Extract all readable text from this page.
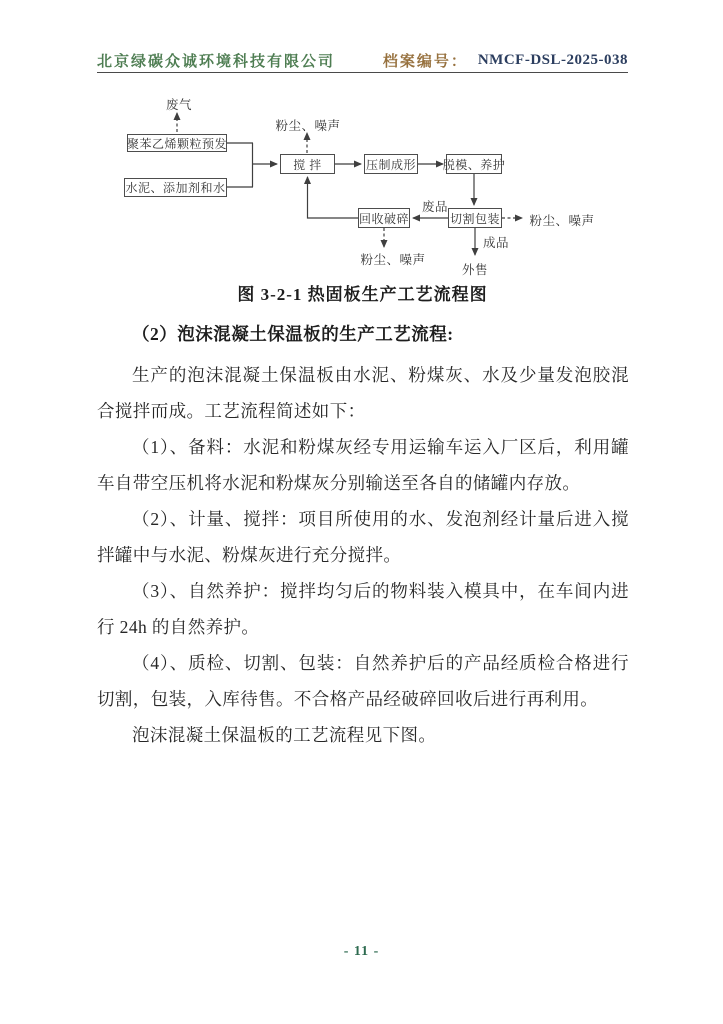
北京绿碳众诚环境科技有限公司	档案编号： NMCF-DSL-2025-038
聚苯乙烯颗粒预发
水泥、添加剂和水
搅 拌	压制成形 脱模、养护
切割包装
回收破碎
废气
粉尘、噪声
废品
粉尘、噪声
成品
粉尘、噪声
外售
图 3-2-1 热固板生产工艺流程图
（2）泡沫混凝土保温板的生产工艺流程:

生产的泡沫混凝土保温板由水泥、粉煤灰、水及少量发泡胶混合搅拌而成。工艺流程简述如下：

（1）、备料：水泥和粉煤灰经专用运输车运入厂区后，利用罐车自带空压机将水泥和粉煤灰分别输送至各自的储罐内存放。

（2）、计量、搅拌：项目所使用的水、发泡剂经计量后进入搅拌罐中与水泥、粉煤灰进行充分搅拌。

（3）、自然养护：搅拌均匀后的物料装入模具中，在车间内进行 24h 的自然养护。

（4）、质检、切割、包装：自然养护后的产品经质检合格进行切割，包装，入库待售。不合格产品经破碎回收后进行再利用。

泡沫混凝土保温板的工艺流程见下图。

- 11 -
